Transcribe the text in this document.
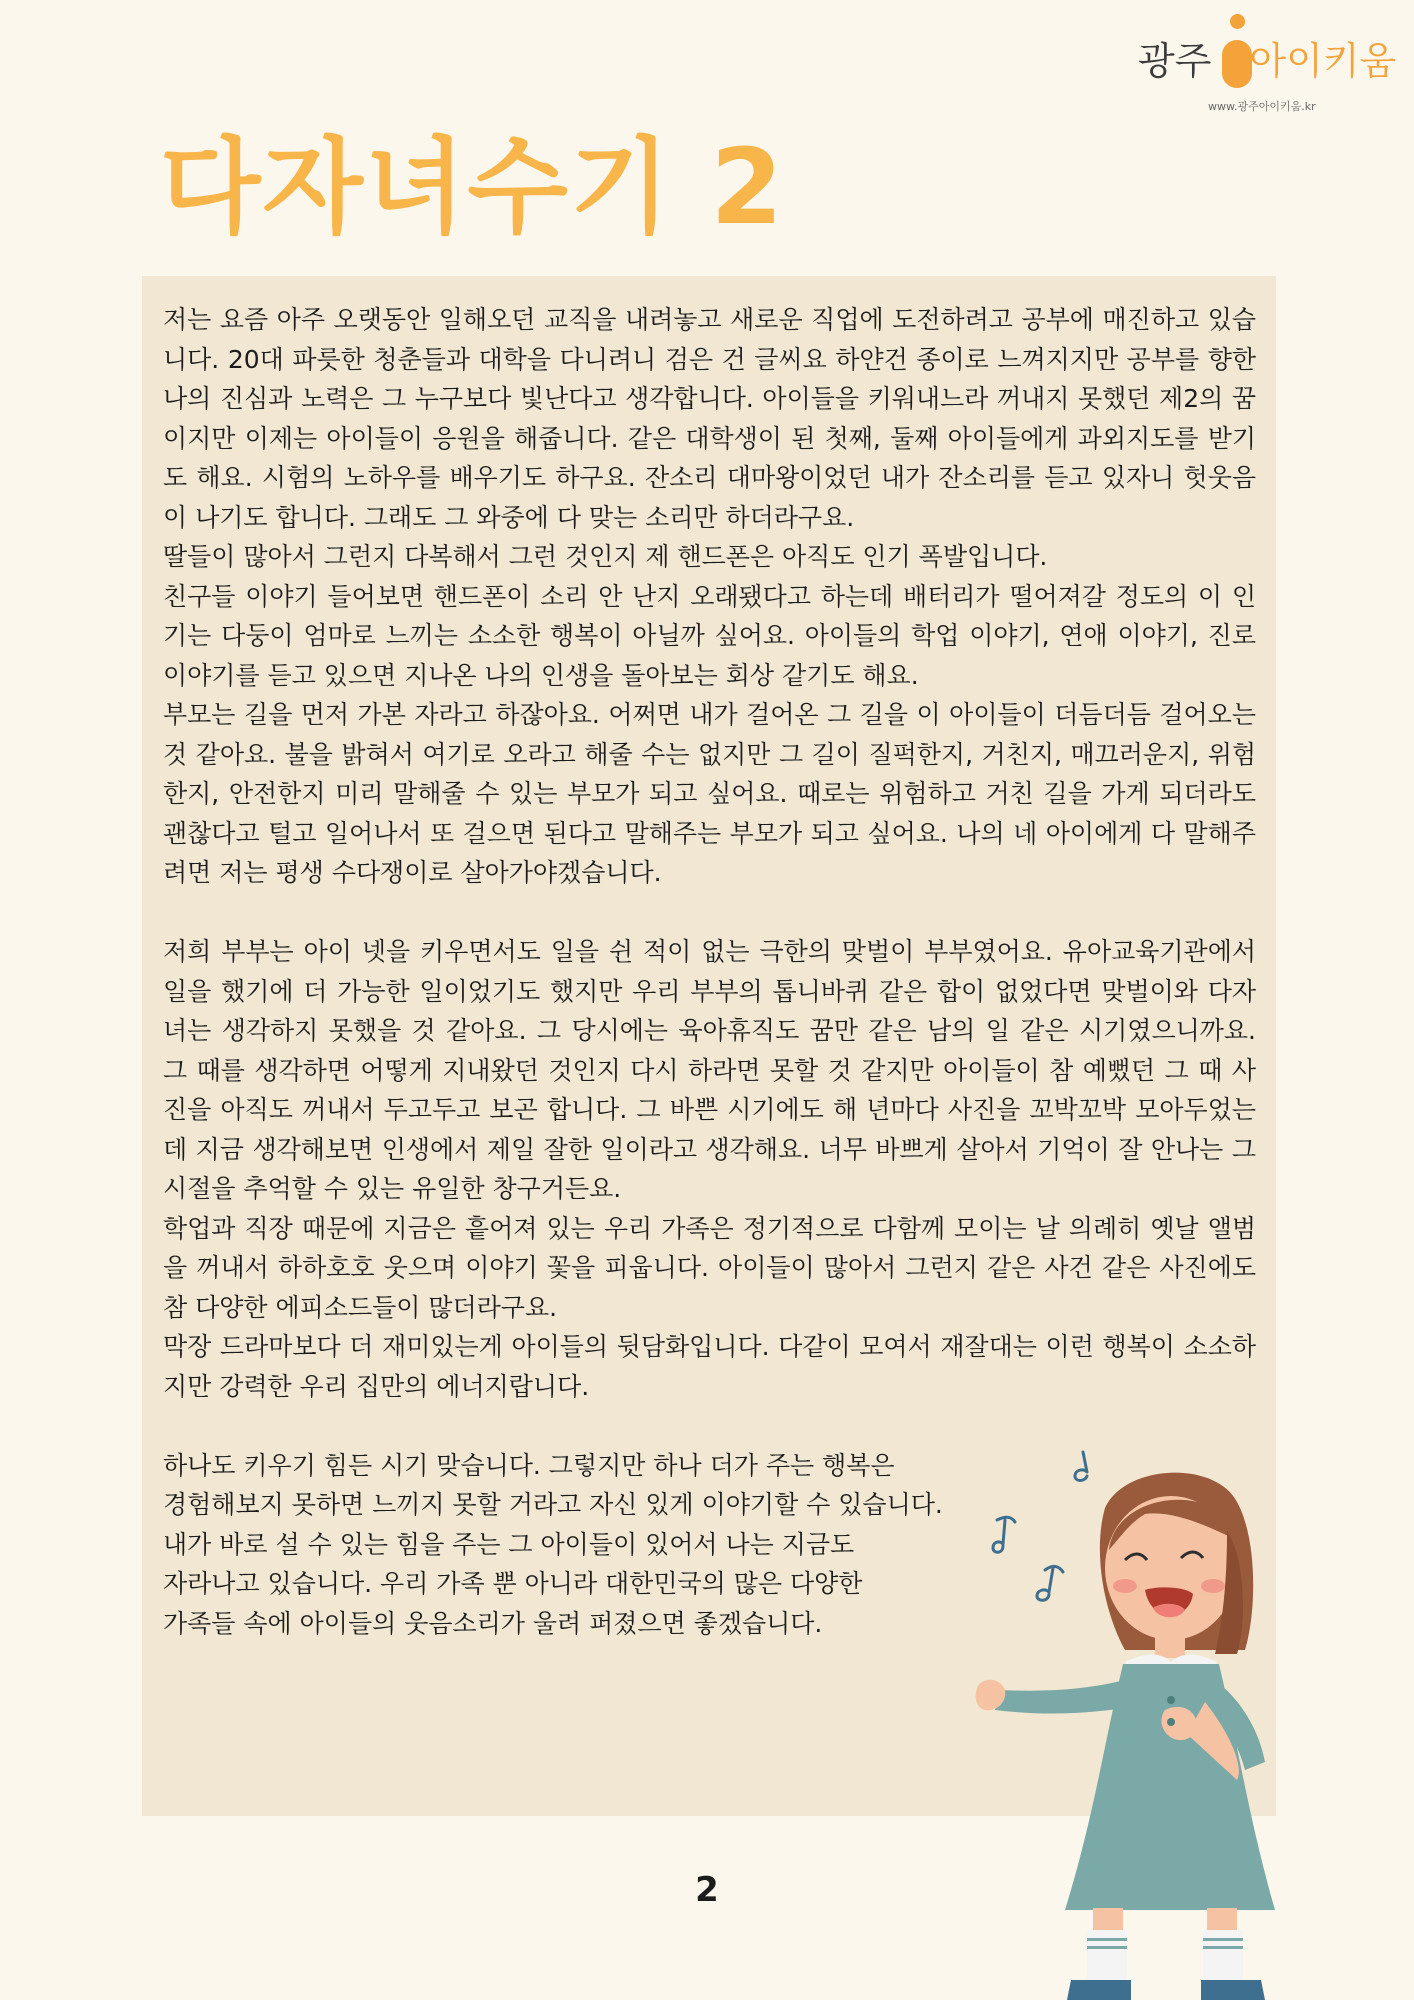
광주 아이키움
www.광주아이키움.kr
다자녀수기 2

저는 요즘 아주 오랫동안 일해오던 교직을 내려놓고 새로운 직업에 도전하려고 공부에 매진하고 있습니다. 20대 파릇한 청춘들과 대학을 다니려니 검은 건 글씨요 하얀건 종이로 느껴지지만 공부를 향한 나의 진심과 노력은 그 누구보다 빛난다고 생각합니다. 아이들을 키워내느라 꺼내지 못했던 제2의 꿈이지만 이제는 아이들이 응원을 해줍니다. 같은 대학생이 된 첫째, 둘째 아이들에게 과외지도를 받기도 해요. 시험의 노하우를 배우기도 하구요. 잔소리 대마왕이었던 내가 잔소리를 듣고 있자니 헛웃음이 나기도 합니다. 그래도 그 와중에 다 맞는 소리만 하더라구요.

딸들이 많아서 그런지 다복해서 그런 것인지 제 핸드폰은 아직도 인기 폭발입니다.

친구들 이야기 들어보면 핸드폰이 소리 안 난지 오래됐다고 하는데 배터리가 떨어져갈 정도의 이 인기는 다둥이 엄마로 느끼는 소소한 행복이 아닐까 싶어요. 아이들의 학업 이야기, 연애 이야기, 진로 이야기를 듣고 있으면 지나온 나의 인생을 돌아보는 회상 같기도 해요.

부모는 길을 먼저 가본 자라고 하잖아요. 어쩌면 내가 걸어온 그 길을 이 아이들이 더듬더듬 걸어오는 것 같아요. 불을 밝혀서 여기로 오라고 해줄 수는 없지만 그 길이 질퍽한지, 거친지, 매끄러운지, 위험한지, 안전한지 미리 말해줄 수 있는 부모가 되고 싶어요. 때로는 위험하고 거친 길을 가게 되더라도 괜찮다고 털고 일어나서 또 걸으면 된다고 말해주는 부모가 되고 싶어요. 나의 네 아이에게 다 말해주려면 저는 평생 수다쟁이로 살아가야겠습니다.

저희 부부는 아이 넷을 키우면서도 일을 쉰 적이 없는 극한의 맞벌이 부부였어요. 유아교육기관에서 일을 했기에 더 가능한 일이었기도 했지만 우리 부부의 톱니바퀴 같은 합이 없었다면 맞벌이와 다자녀는 생각하지 못했을 것 같아요. 그 당시에는 육아휴직도 꿈만 같은 남의 일 같은 시기였으니까요. 그 때를 생각하면 어떻게 지내왔던 것인지 다시 하라면 못할 것 같지만 아이들이 참 예뻤던 그 때 사진을 아직도 꺼내서 두고두고 보곤 합니다. 그 바쁜 시기에도 해 년마다 사진을 꼬박꼬박 모아두었는데 지금 생각해보면 인생에서 제일 잘한 일이라고 생각해요. 너무 바쁘게 살아서 기억이 잘 안나는 그 시절을 추억할 수 있는 유일한 창구거든요.

학업과 직장 때문에 지금은 흩어져 있는 우리 가족은 정기적으로 다함께 모이는 날 의례히 옛날 앨범을 꺼내서 하하호호 웃으며 이야기 꽃을 피웁니다. 아이들이 많아서 그런지 같은 사건 같은 사진에도 참 다양한 에피소드들이 많더라구요.

막장 드라마보다 더 재미있는게 아이들의 뒷담화입니다. 다같이 모여서 재잘대는 이런 행복이 소소하지만 강력한 우리 집만의 에너지랍니다.

하나도 키우기 힘든 시기 맞습니다. 그렇지만 하나 더가 주는 행복은

경험해보지 못하면 느끼지 못할 거라고 자신 있게 이야기할 수 있습니다.

내가 바로 설 수 있는 힘을 주는 그 아이들이 있어서 나는 지금도

자라나고 있습니다. 우리 가족 뿐 아니라 대한민국의 많은 다양한

가족들 속에 아이들의 웃음소리가 울려 퍼졌으면 좋겠습니다.

2
